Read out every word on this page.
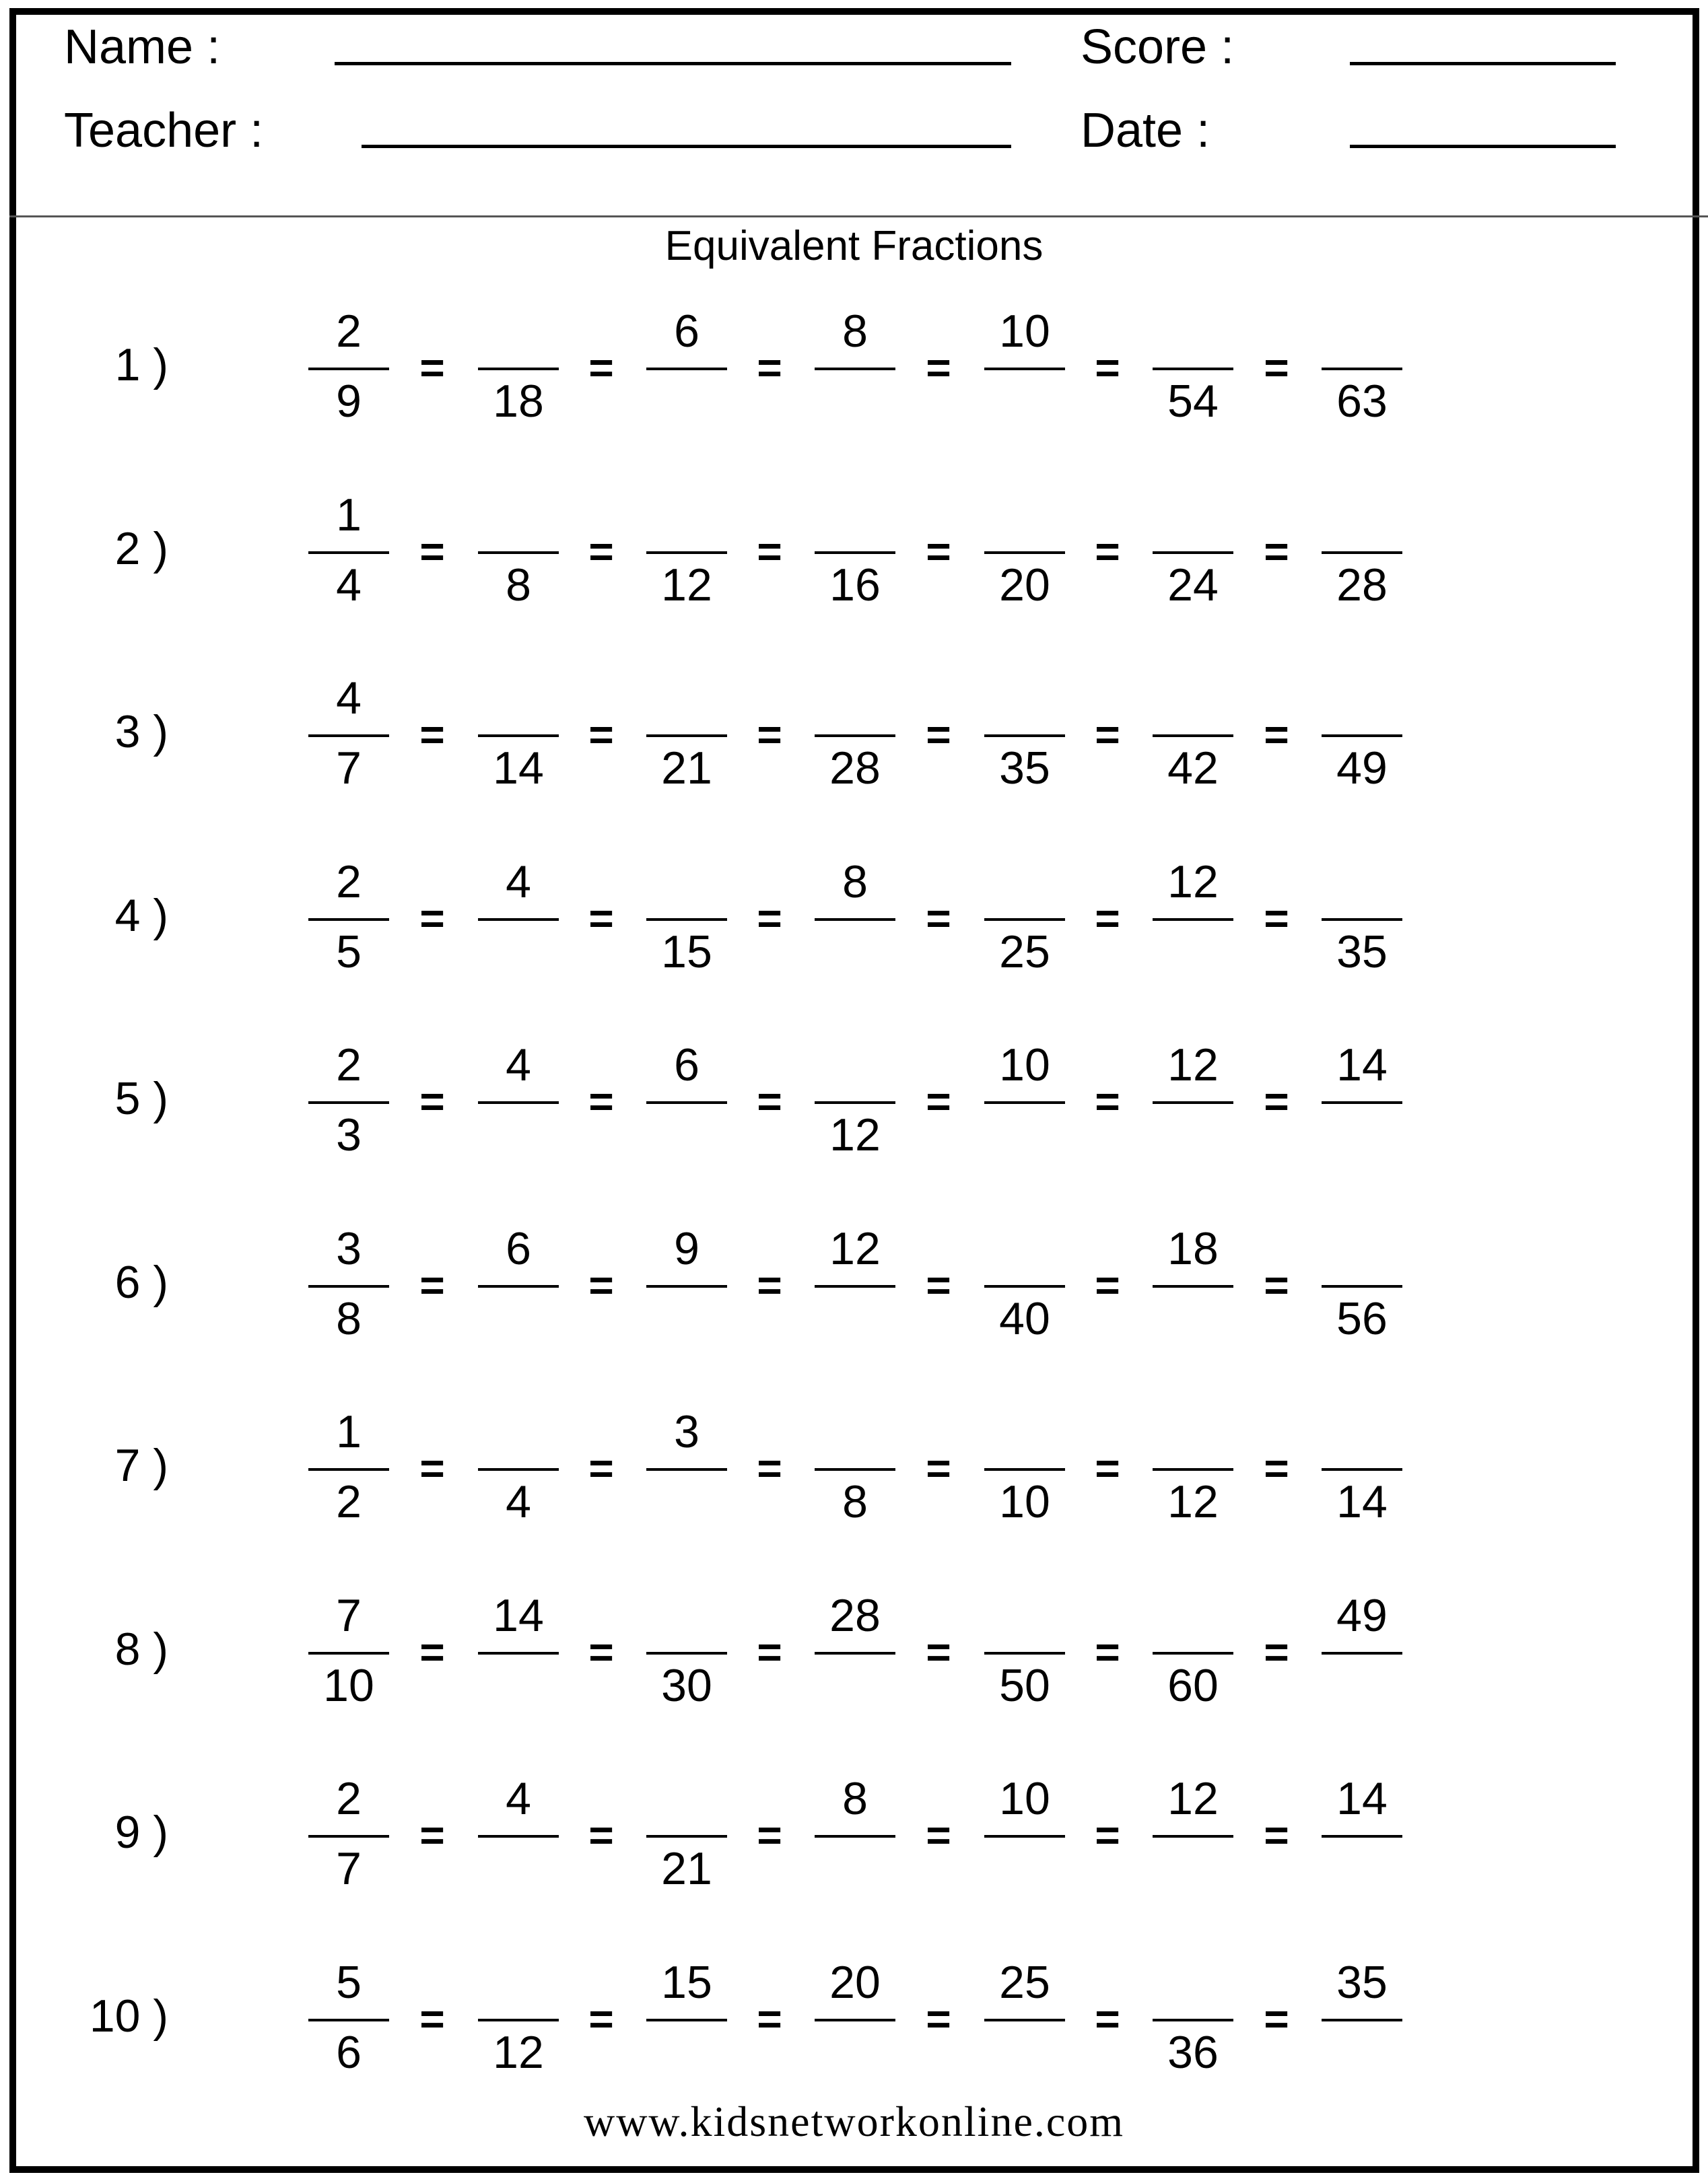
Name :	Score :
Teacher :	Date :
Equivalent Fractions
1 )
2
9
=
18
=
6
=
8
=
10
=
54
=
63
2 )
1
4
=
8
=
12
=
16
=
20
=
24
=
28
3 )
4
7
=
14
=
21
=
28
=
35
=
42
=
49
4 )
2
5
=
4
=
15
=
8
=
25
=
12
=
35
5 )
2
3
=
4
=
6
=
12
=
10
=
12
=
14
6 )
3
8
=
6
=
9
=
12
=
40
=
18
=
56
7 )
1
2
=
4
=
3
=
8
=
10
=
12
=
14
8 )
7
10
=
14
=
30
=
28
=
50
=
60
=
49
9 )
2
7
=
4
=
21
=
8
=
10
=
12
=
14
10 )
5
6
=
12
=
15
=
20
=
25
=
36
=
35
www.kidsnetworkonline.com
